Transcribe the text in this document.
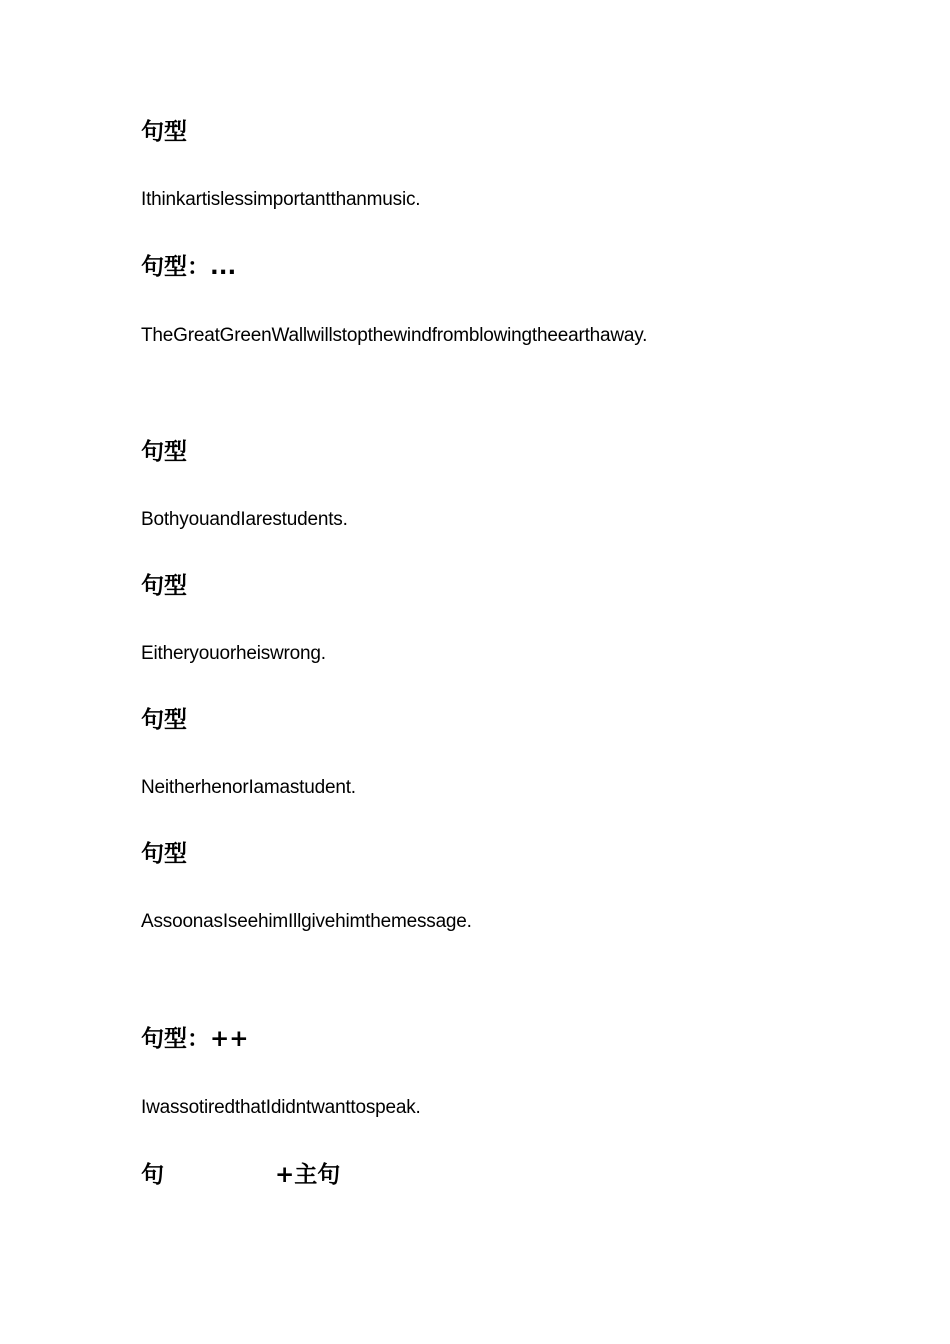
句型
Ithinkartislessimportantthanmusic.
句型：...
TheGreatGreenWallwillstopthewindfromblowingtheearthaway.
句型
BothyouandIarestudents.
句型
Eitheryouorheiswrong.
句型
NeitherhenorIamastudent.
句型
AssoonasIseehimIllgivehimthemessage.
句型：++
IwassotiredthatIdidntwanttospeak.
句	+主句
